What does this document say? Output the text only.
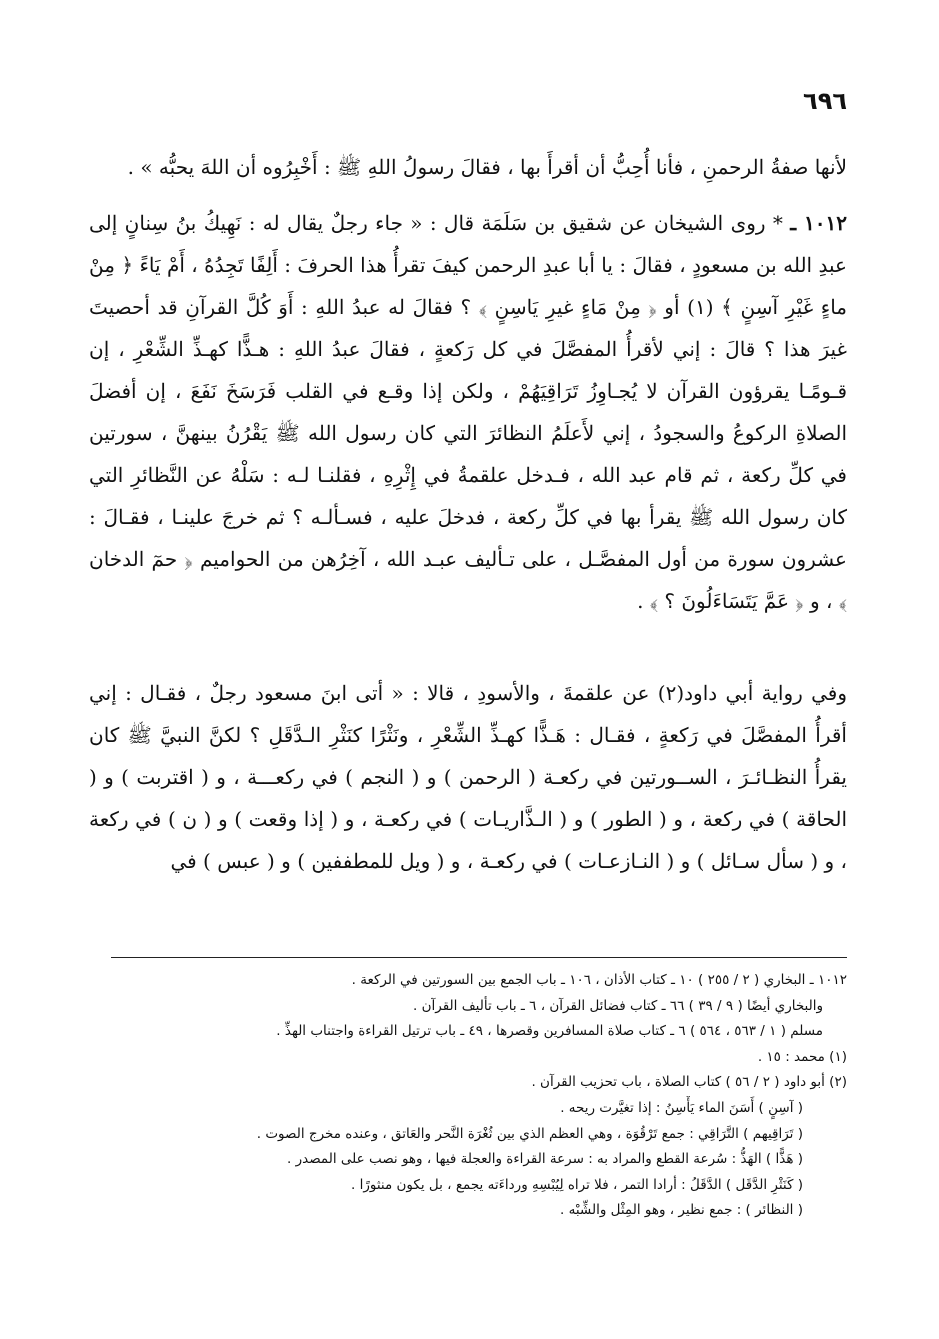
٦٩٦

لأنها صفةُ الرحمنِ ، فأنا أُحِبُّ أن أقرأَ بها ، فقالَ رسولُ اللهِ ﷺ : أَخْبِرُوه أن اللهَ يحبُّه » .

١٠١٢ ـ * روى الشيخان عن شقيق بن سَلَمَة قال : « جاء رجلٌ يقال له : نَهِيكُ بنُ سِنانٍ إلى عبدِ الله بن مسعودٍ ، فقالَ : يا أبا عبدِ الرحمن كيفَ تقرأُ هذا الحرفَ : أَلِفًا تَجِدُهُ ، أَمْ يَاءً ﴿ مِنْ ماءٍ غَيْرِ آسِنٍ ﴾ (١) أو ﴿ مِنْ مَاءٍ غيرِ يَاسِنٍ ﴾ ؟ فقالَ له عبدُ اللهِ : أَوَ كُلَّ القرآنِ قد أحصيتَ غيرَ هذا ؟ قالَ : إني لأقرأُ المفصَّلَ في كل رَكعةٍ ، فقالَ عبدُ اللهِ : هـذًّا كهـذِّ الشِّعْرِ ، إن قـومًـا يقرؤون القرآن لا يُجـاوِزُ تَرَاقِيَهُمْ ، ولكن إذا وقـع في القلب فَرَسَخَ نَفَعَ ، إن أفضلَ الصلاةِ الركوعُ والسجودُ ، إني لأَعلَمُ النظائرَ التي كان رسول الله ﷺ يَقْرُنُ بينهنَّ ، سورتين في كلِّ ركعة ، ثم قام عبد الله ، فـدخل علقمةُ في إِثْرِهِ ، فقلنـا لـه : سَلْهُ عن النَّظائرِ التي كان رسول الله ﷺ يقرأ بها في كلِّ ركعة ، فدخلَ عليه ، فسـألـه ؟ ثم خرجَ علينـا ، فقـالَ : عشرون سورة من أول المفصَّـل ، على تـأليف عبـد الله ، آخِرُهن من الحواميم ﴿ حمٓ الدخان ﴾ ، و ﴿ عَمَّ يَتَسَاءَلُونَ ؟ ﴾ .

وفي رواية أبي داود(٢) عن علقمةَ ، والأسودِ ، قالا : « أتى ابنَ مسعود رجلٌ ، فقـال : إني أقرأُ المفصَّلَ في رَكعةٍ ، فقـال : هَـذًّا كهـذِّ الشِّعْرِ ، ونَثْرًا كنَثْرِ الـدَّقَلِ ؟ لكنَّ النبيَّ ﷺ كان يقرأُ النظـائـرَ ، الســورتين في ركعـة ( الرحمن ) و ( النجم ) في ركعـــة ، و ( اقتربت ) و ( الحاقة ) في ركعة ، و ( الطور ) و ( الـذَّاريـات ) في ركعـة ، و ( إذا وقعت ) و ( ن ) في ركعة ، و ( سأل سـائل ) و ( النـازعـات ) في ركعـة ، و ( ويل للمطففين ) و ( عبس ) في

١٠١٢ ـ البخاري ( ٢ / ٢٥٥ ) ١٠ ـ كتاب الأذان ، ١٠٦ ـ باب الجمع بين السورتين في الركعة .
والبخاري أيضًا ( ٩ / ٣٩ ) ٦٦ ـ كتاب فضائل القرآن ، ٦ ـ باب تأليف القرآن .
مسلم ( ١ / ٥٦٣ ، ٥٦٤ ) ٦ ـ كتاب صلاة المسافرين وقصرها ، ٤٩ ـ باب ترتيل القراءة واجتناب الهذِّ .
(١) محمد : ١٥ .
(٢) أبو داود ( ٢ / ٥٦ ) كتاب الصلاة ، باب تحزيب القرآن .
( آسِنٍ ) أَسَنَ الماء يَأْسِنُ : إذا تغيَّرت ريحه .
( تَرَاقِيهم ) التَّرَاقِي : جمع تَرْقُوَة ، وهي العظم الذي بين ثُغْرَة النَّحر والعَاتق ، وعنده مخرج الصوت .
( هَذًّا ) الهَذُّ : سُرعة القطع والمراد به : سرعة القراءة والعجلة فيها ، وهو نصب على المصدر .
( كَنَثْرِ الدَّقَل ) الدَّقَلُ : أرادا التمر ، فلا تراه لِيُبْسِهِ ورداءَته يجمع ، بل يكون منثورًا .
( النظائر ) : جمع نظير ، وهو المِثْل والشِّبْه .
